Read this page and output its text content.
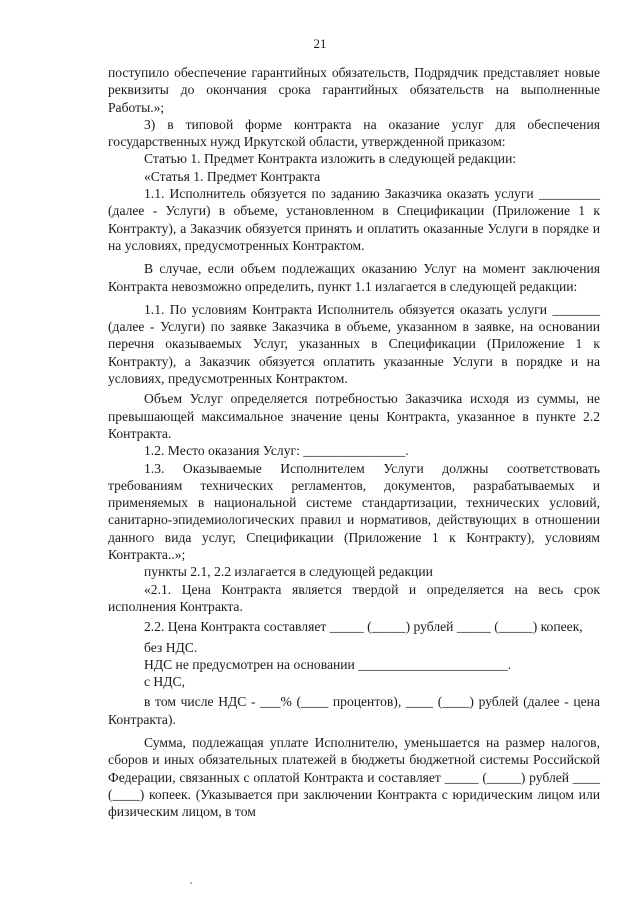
21

поступило обеспечение гарантийных обязательств, Подрядчик представляет новые реквизиты до окончания срока гарантийных обязательств на выполненные Работы.»;

3) в типовой форме контракта на оказание услуг для обеспечения государственных нужд Иркутской области, утвержденной приказом:

Статью 1. Предмет Контракта изложить в следующей редакции:

«Статья 1. Предмет Контракта

1.1. Исполнитель обязуется по заданию Заказчика оказать услуги _________ (далее - Услуги) в объеме, установленном в Спецификации (Приложение 1 к Контракту), а Заказчик обязуется принять и оплатить оказанные Услуги в порядке и на условиях, предусмотренных Контрактом.

В случае, если объем подлежащих оказанию Услуг на момент заключения Контракта невозможно определить, пункт 1.1 излагается в следующей редакции:

1.1. По условиям Контракта Исполнитель обязуется оказать услуги _______ (далее - Услуги) по заявке Заказчика в объеме, указанном в заявке, на основании перечня оказываемых Услуг, указанных в Спецификации (Приложение 1 к Контракту), а Заказчик обязуется оплатить указанные Услуги в порядке и на условиях, предусмотренных Контрактом.

Объем Услуг определяется потребностью Заказчика исходя из суммы, не превышающей максимальное значение цены Контракта, указанное в пункте 2.2 Контракта.

1.2. Место оказания Услуг: _______________.

1.3. Оказываемые Исполнителем Услуги должны соответствовать требованиям технических регламентов, документов, разрабатываемых и применяемых в национальной системе стандартизации, технических условий, санитарно-эпидемиологических правил и нормативов, действующих в отношении данного вида услуг, Спецификации (Приложение 1 к Контракту), условиям Контракта..»;

пункты 2.1, 2.2 излагается в следующей редакции

«2.1. Цена Контракта является твердой и определяется на весь срок исполнения Контракта.

2.2. Цена Контракта составляет _____ (_____) рублей _____ (_____) копеек,

без НДС.

НДС не предусмотрен на основании ______________________.

с НДС,

в том числе НДС - ___% (____ процентов), ____ (____) рублей (далее - цена Контракта).

Сумма, подлежащая уплате Исполнителю, уменьшается на размер налогов, сборов и иных обязательных платежей в бюджеты бюджетной системы Российской Федерации, связанных с оплатой Контракта и составляет _____ (_____) рублей ____ (____) копеек. (Указывается при заключении Контракта с юридическим лицом или физическим лицом, в том
